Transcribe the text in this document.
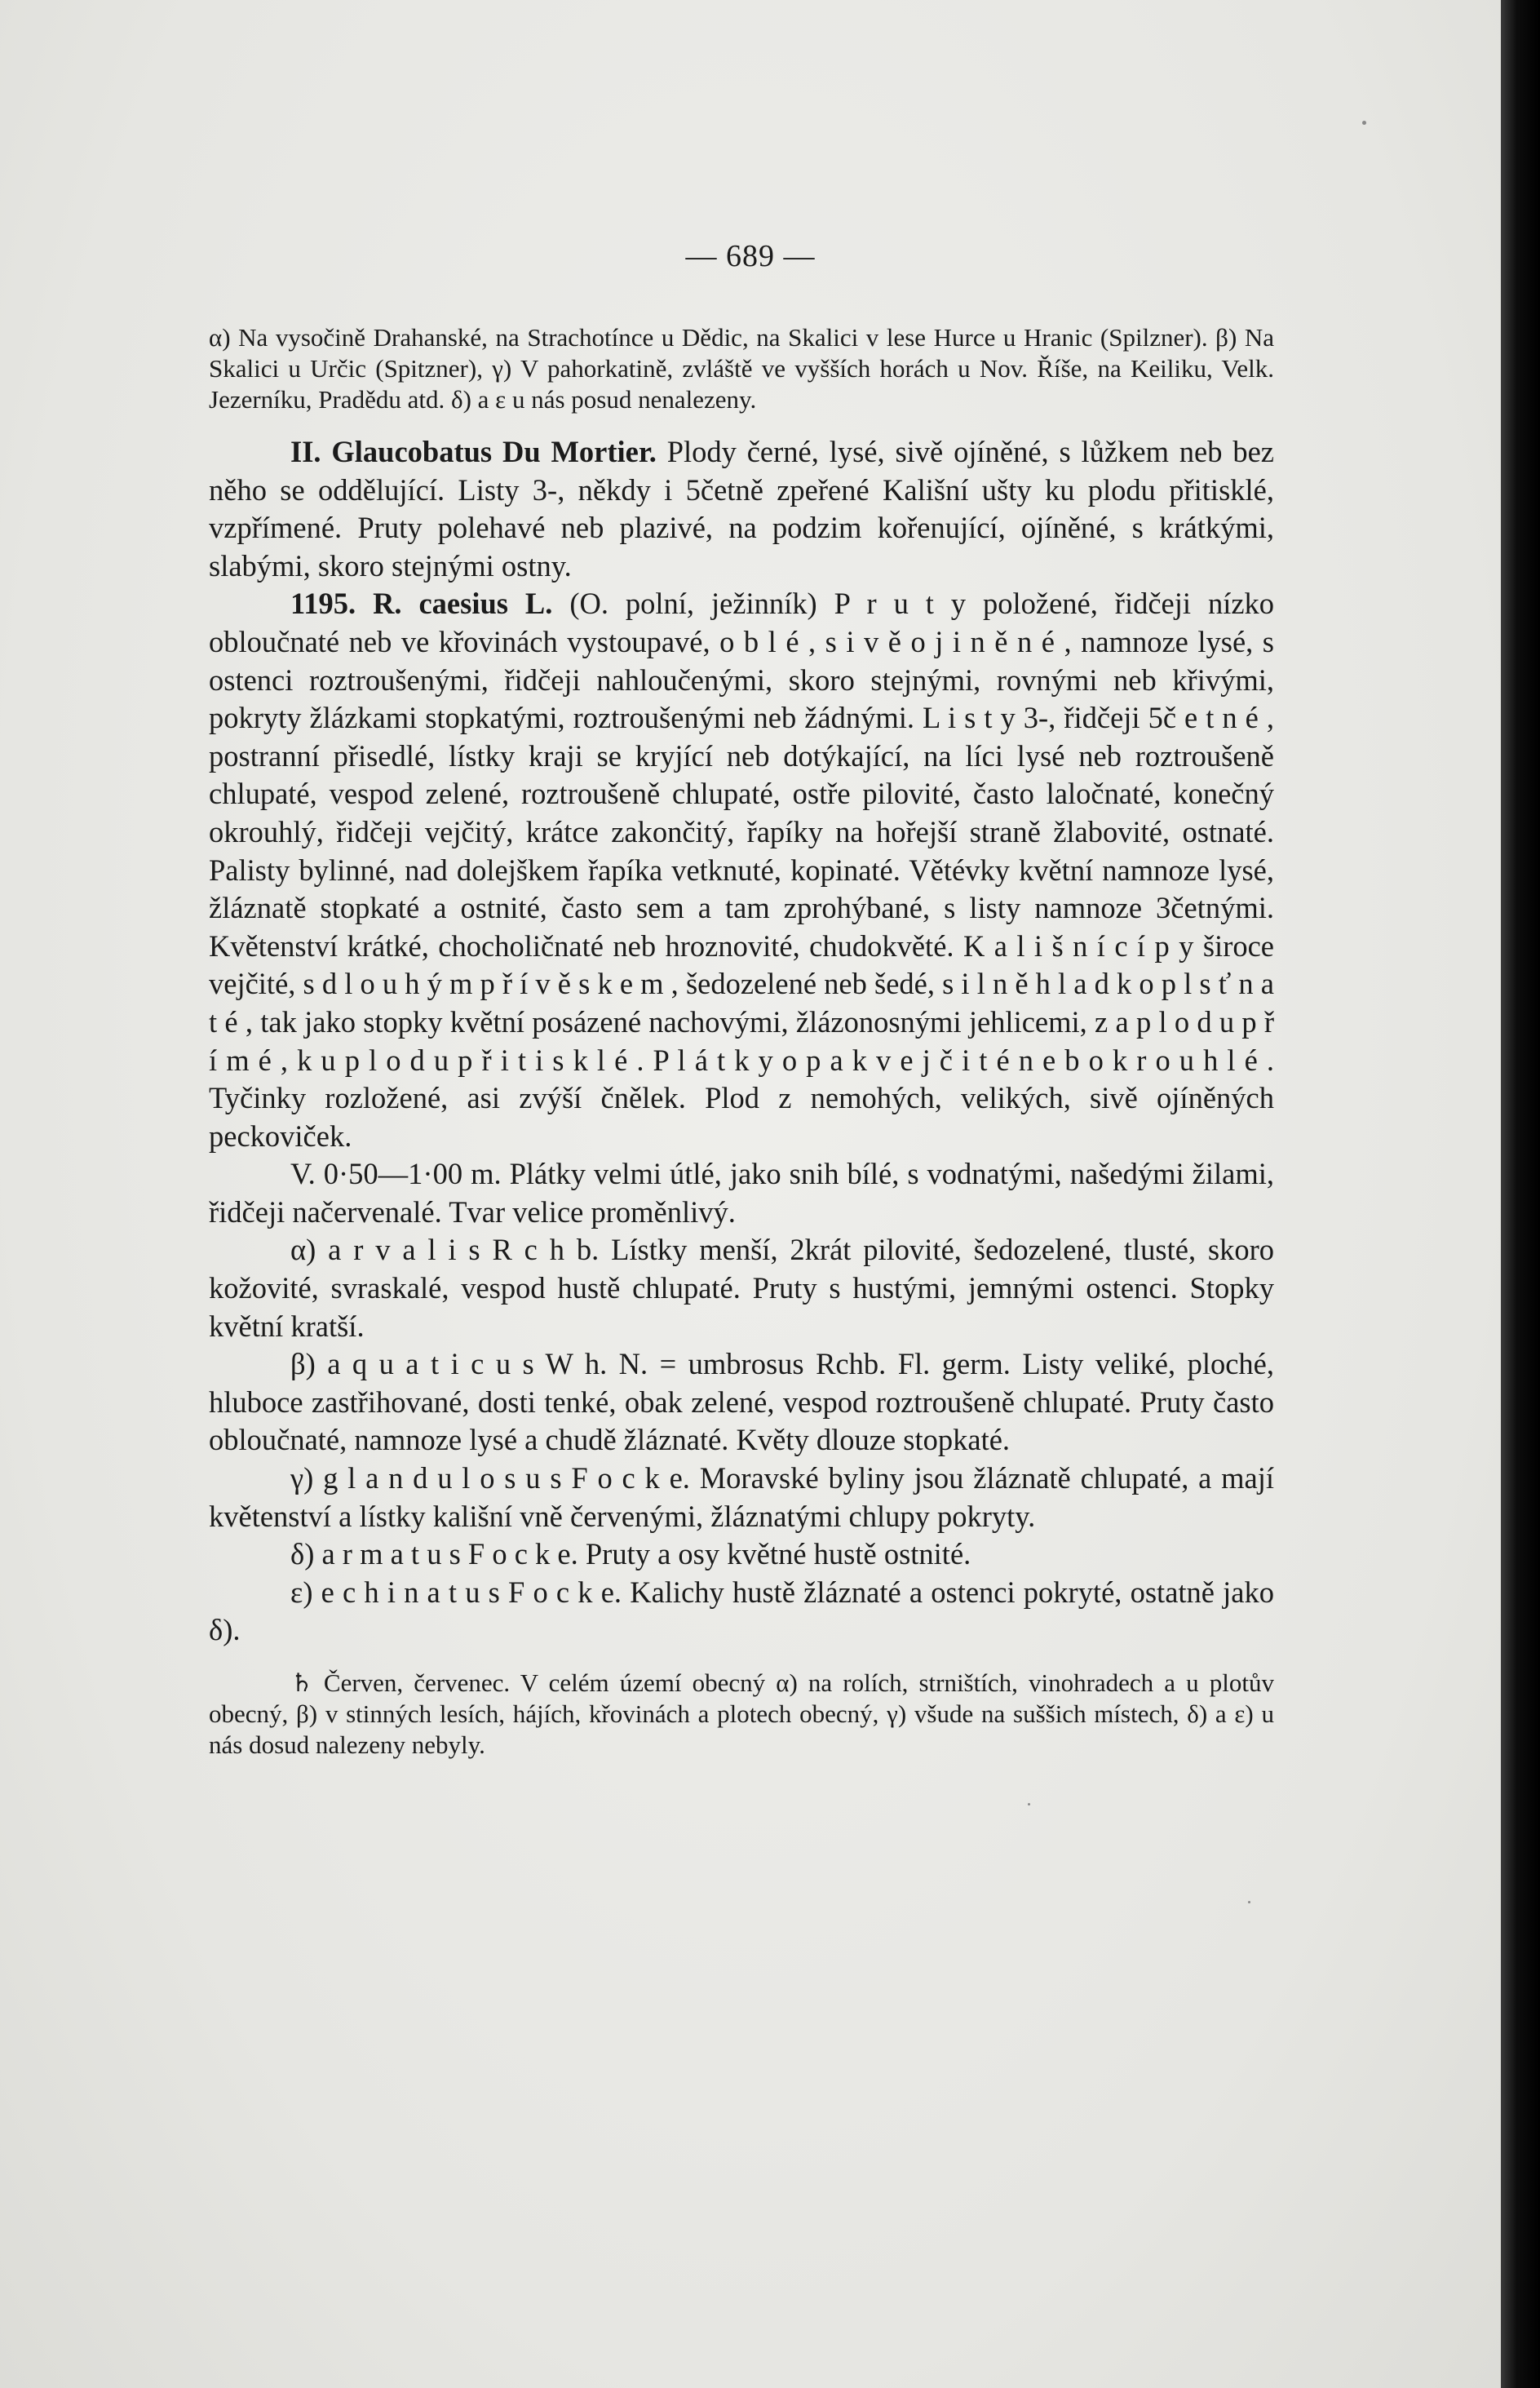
— 689 —

α) Na vysočině Drahanské, na Strachotínce u Dědic, na Skalici v lese Hurce u Hranic (Spilzner). β) Na Skalici u Určic (Spitzner), γ) V pahorkatině, zvláště ve vyšších horách u Nov. Říše, na Keiliku, Velk. Jezerníku, Pradědu atd. δ) a ε u nás posud nenalezeny.

II. Glaucobatus Du Mortier. Plody černé, lysé, sivě ojíněné, s lůžkem neb bez něho se oddělující. Listy 3-, někdy i 5četně zpeřené Kališní ušty ku plodu přitisklé, vzpřímené. Pruty polehavé neb plazivé, na podzim kořenující, ojíněné, s krátkými, slabými, skoro stejnými ostny.

1195. R. caesius L. (O. polní, ježinník) P r u t y položené, řidčeji nízko obloučnaté neb ve křovinách vystoupavé, o b l é , s i v ě o j i n ě n é , namnoze lysé, s ostenci roztroušenými, řidčeji nahloučenými, skoro stejnými, rovnými neb křivými, pokryty žlázkami stopkatými, roztroušenými neb žádnými. L i s t y 3-, řidčeji 5č e t n é , postranní přisedlé, lístky kraji se kryjící neb dotýkající, na líci lysé neb roztroušeně chlupaté, vespod zelené, roztroušeně chlupaté, ostře pilovité, často laločnaté, konečný okrouhlý, řidčeji vejčitý, krátce zakončitý, řapíky na hořejší straně žlabovité, ostnaté. Palisty bylinné, nad dolejškem řapíka vetknuté, kopinaté. Větévky květní namnoze lysé, žláznatě stopkaté a ostnité, často sem a tam zprohýbané, s listy namnoze 3četnými. Květenství krátké, chocholičnaté neb hroznovité, chudokvěté. K a l i š n í c í p y široce vejčité, s d l o u h ý m p ř í v ě s k e m , šedozelené neb šedé, s i l n ě h l a d k o p l s ť n a t é , tak jako stopky květní posázené nachovými, žlázonosnými jehlicemi, z a p l o d u p ř í m é , k u p l o d u p ř i t i s k l é . P l á t k y o p a k v e j č i t é n e b o k r o u h l é . Tyčinky rozložené, asi zvýší čnělek. Plod z nemohých, velikých, sivě ojíněných peckoviček.

V. 0·50—1·00 m. Plátky velmi útlé, jako snih bílé, s vodnatými, našedými žilami, řidčeji načervenalé. Tvar velice proměnlivý.

α) a r v a l i s R c h b. Lístky menší, 2krát pilovité, šedozelené, tlusté, skoro kožovité, svraskalé, vespod hustě chlupaté. Pruty s hustými, jemnými ostenci. Stopky květní kratší.

β) a q u a t i c u s W h. N. = umbrosus Rchb. Fl. germ. Listy veliké, ploché, hluboce zastřihované, dosti tenké, obak zelené, vespod roztroušeně chlupaté. Pruty často obloučnaté, namnoze lysé a chudě žláznaté. Květy dlouze stopkaté.

γ) g l a n d u l o s u s F o c k e. Moravské byliny jsou žláznatě chlupaté, a mají květenství a lístky kališní vně červenými, žláznatými chlupy pokryty.

δ) a r m a t u s F o c k e. Pruty a osy květné hustě ostnité.

ε) e c h i n a t u s F o c k e. Kalichy hustě žláznaté a ostenci pokryté, ostatně jako δ).

♄ Červen, červenec. V celém území obecný α) na rolích, strništích, vinohradech a u plotův obecný, β) v stinných lesích, hájích, křovinách a plotech obecný, γ) všude na suššich místech, δ) a ε) u nás dosud nalezeny nebyly.
